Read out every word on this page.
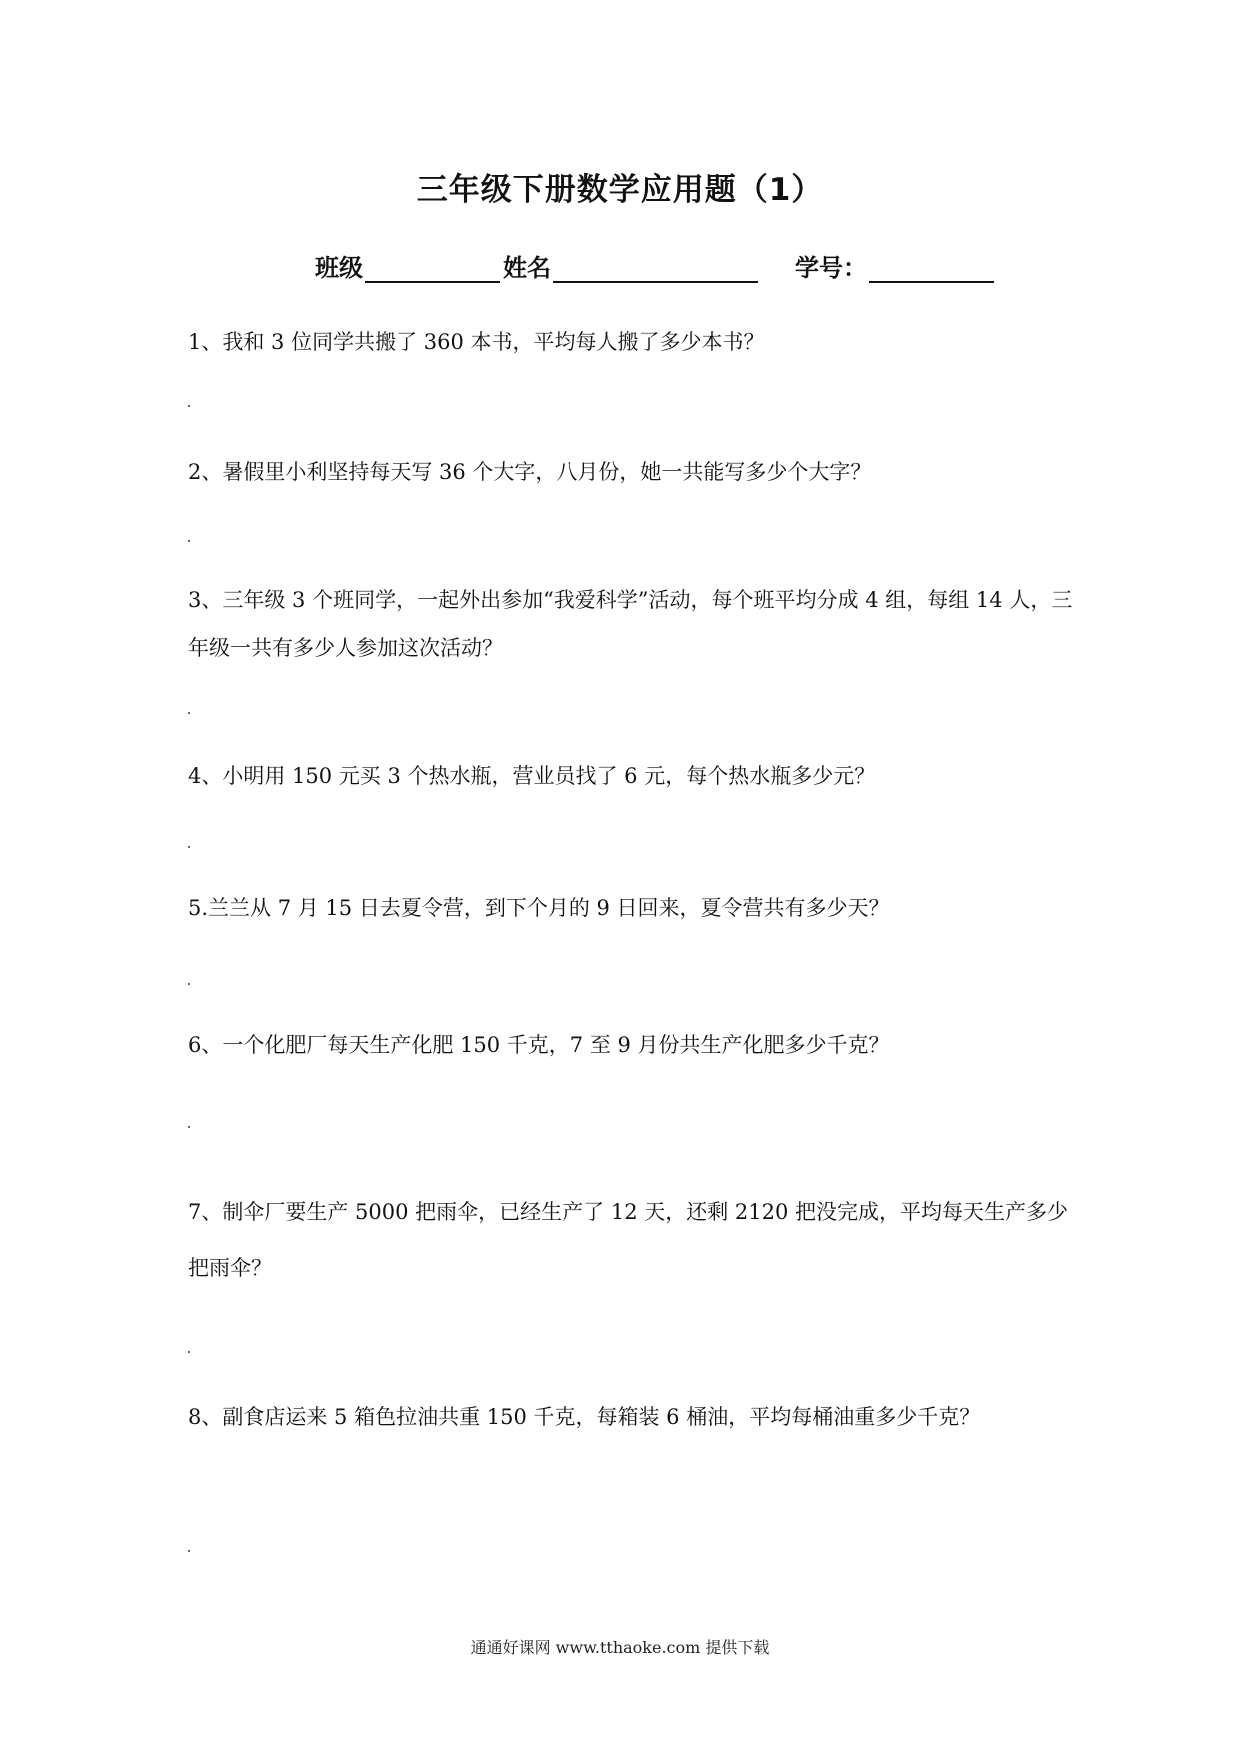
三年级下册数学应用题（1）
班级	姓名	学号：
1、我和 3 位同学共搬了 360 本书，平均每人搬了多少本书？
2、暑假里小利坚持每天写 36 个大字，八月份，她一共能写多少个大字？
3、三年级 3 个班同学，一起外出参加“我爱科学”活动，每个班平均分成 4 组，每组 14 人，三年级一共有多少人参加这次活动？
4、小明用 150 元买 3 个热水瓶，营业员找了 6 元，每个热水瓶多少元？
5.兰兰从 7 月 15 日去夏令营，到下个月的 9 日回来，夏令营共有多少天？
6、一个化肥厂每天生产化肥 150 千克，7 至 9 月份共生产化肥多少千克？
7、制伞厂要生产 5000 把雨伞，已经生产了 12 天，还剩 2120 把没完成，平均每天生产多少把雨伞？
8、副食店运来 5 箱色拉油共重 150 千克，每箱装 6 桶油，平均每桶油重多少千克？
通通好课网 www.tthaoke.com 提供下载
